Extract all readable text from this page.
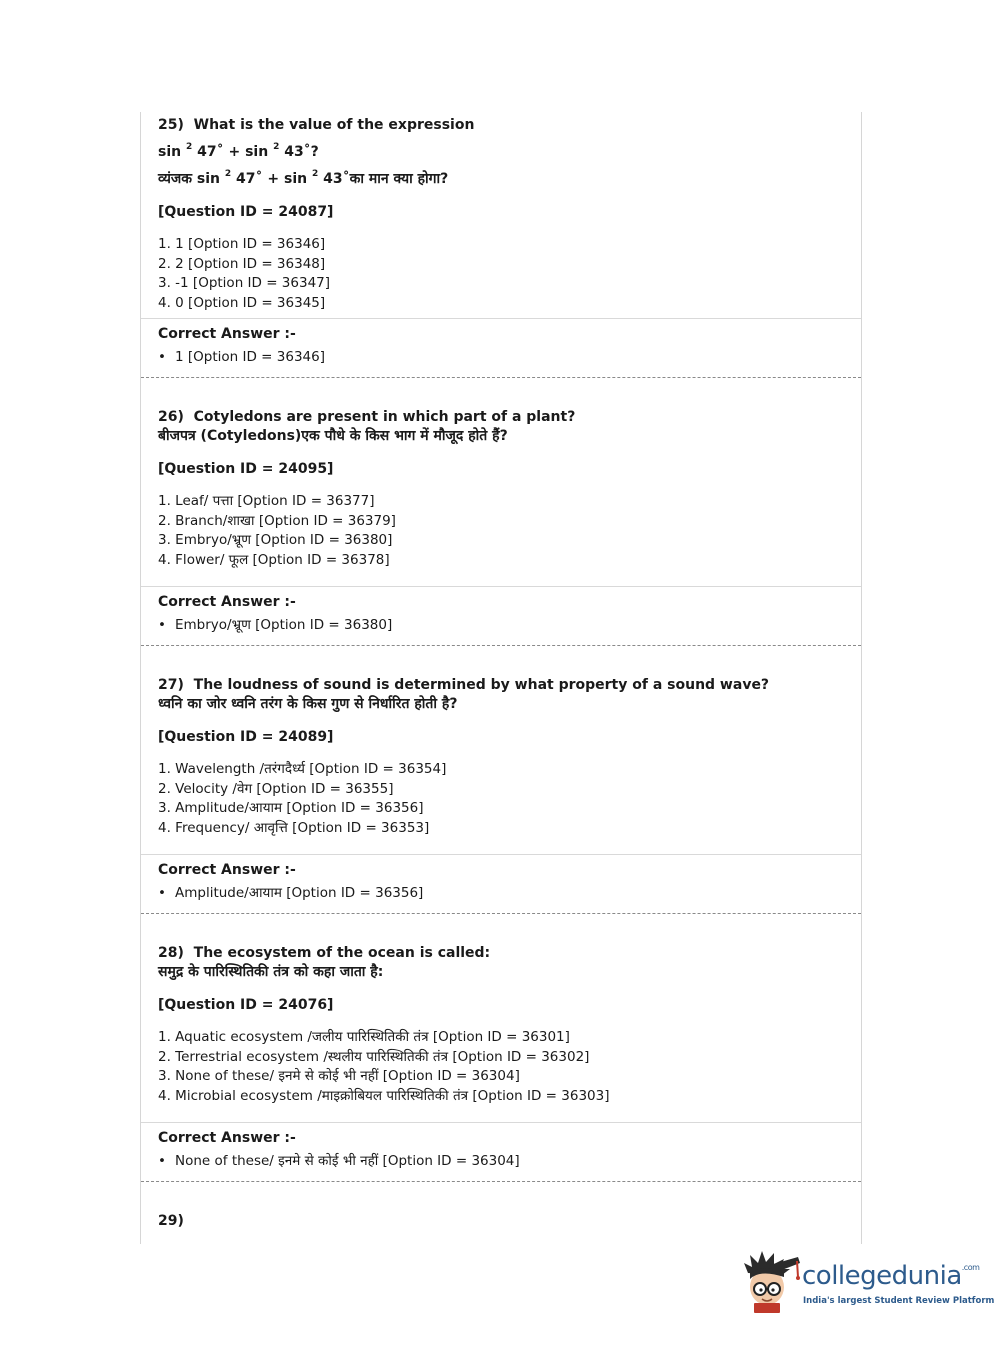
25) What is the value of the expression

sin $^2$ 47˚ + sin $^2$ 43˚?

व्यंजक sin $^2$ 47˚ + sin $^2$ 43˚का मान क्या होगा?

[Question ID = 24087]

1. 1 [Option ID = 36346]
2. 2 [Option ID = 36348]
3. -1 [Option ID = 36347]
4. 0 [Option ID = 36345]

Correct Answer :-

• 1 [Option ID = 36346]

26) Cotyledons are present in which part of a plant?

बीजपत्र (Cotyledons)एक पौधे के किस भाग में मौजूद होते हैं?

[Question ID = 24095]

1. Leaf/ पत्ता [Option ID = 36377]
2. Branch/शाखा [Option ID = 36379]
3. Embryo/भ्रूण [Option ID = 36380]
4. Flower/ फूल [Option ID = 36378]

Correct Answer :-

• Embryo/भ्रूण [Option ID = 36380]

27) The loudness of sound is determined by what property of a sound wave?

ध्वनि का जोर ध्वनि तरंग के किस गुण से निर्धारित होती है?

[Question ID = 24089]

1. Wavelength /तरंगदैर्ध्य [Option ID = 36354]
2. Velocity /वेग [Option ID = 36355]
3. Amplitude/आयाम [Option ID = 36356]
4. Frequency/ आवृत्ति [Option ID = 36353]

Correct Answer :-

• Amplitude/आयाम [Option ID = 36356]

28) The ecosystem of the ocean is called:

समुद्र के पारिस्थितिकी तंत्र को कहा जाता है:

[Question ID = 24076]

1. Aquatic ecosystem /जलीय पारिस्थितिकी तंत्र [Option ID = 36301]
2. Terrestrial ecosystem /स्थलीय पारिस्थितिकी तंत्र [Option ID = 36302]
3. None of these/ इनमे से कोई भी नहीं [Option ID = 36304]
4. Microbial ecosystem /माइक्रोबियल पारिस्थितिकी तंत्र [Option ID = 36303]

Correct Answer :-

• None of these/ इनमे से कोई भी नहीं [Option ID = 36304]

29)

collegedunia$^{.com}$
India's largest Student Review Platform
